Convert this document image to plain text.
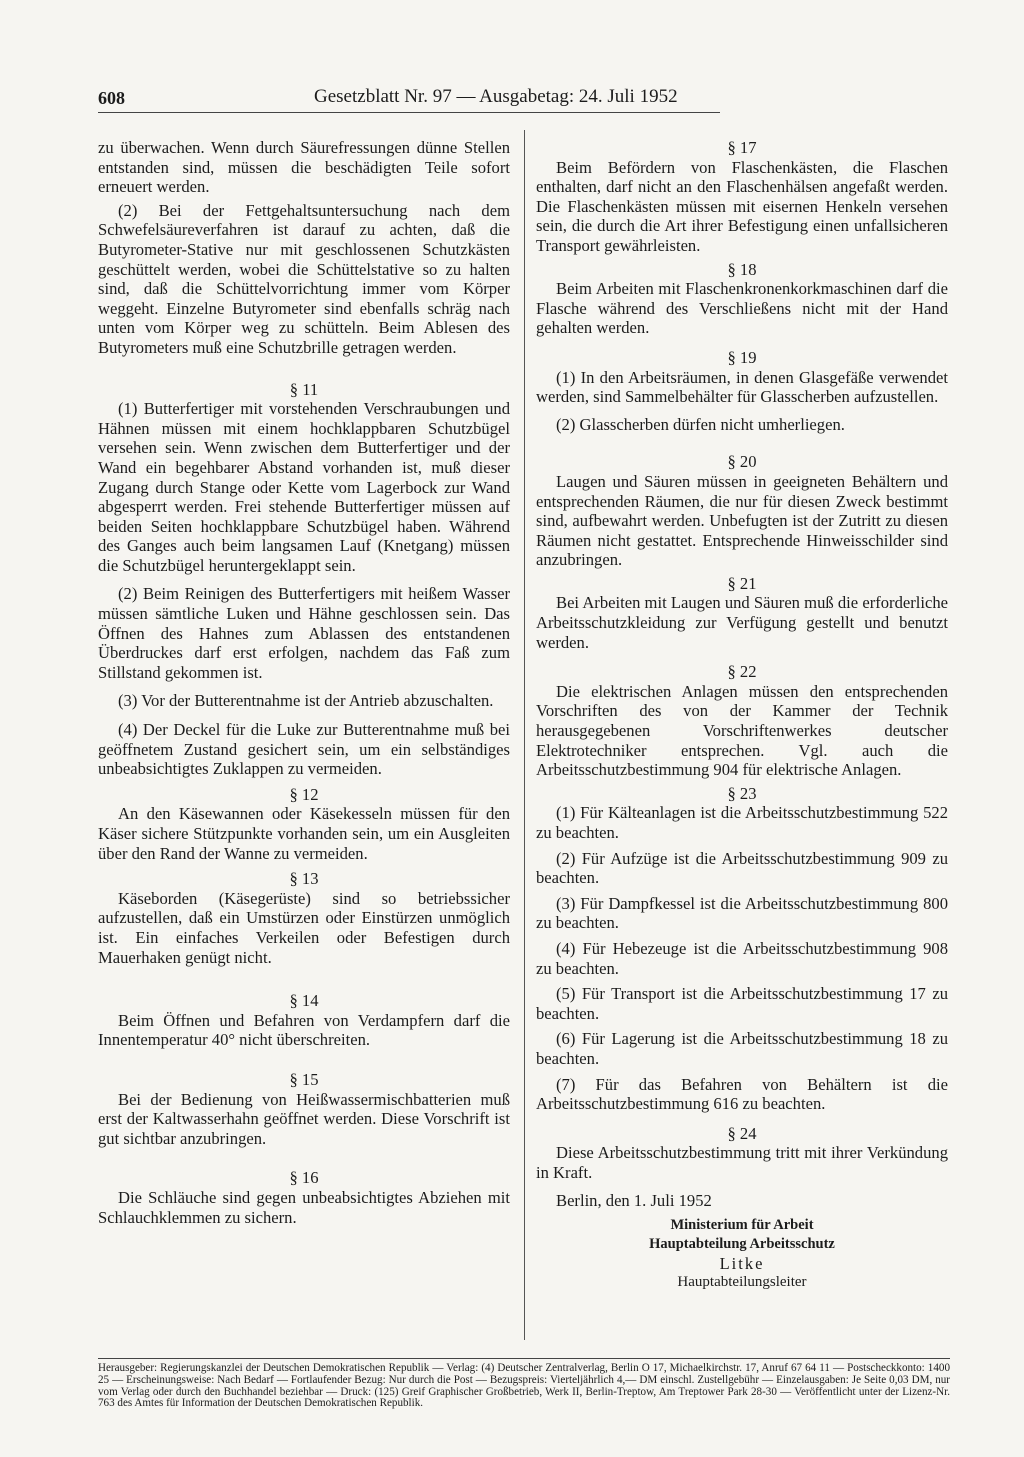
608	Gesetzblatt Nr. 97 — Ausgabetag: 24. Juli 1952

zu überwachen. Wenn durch Säurefressungen dünne Stellen entstanden sind, müssen die beschädigten Teile sofort erneuert werden.

(2) Bei der Fettgehaltsuntersuchung nach dem Schwefelsäureverfahren ist darauf zu achten, daß die Butyrometer-Stative nur mit geschlossenen Schutzkästen geschüttelt werden, wobei die Schüttelstative so zu halten sind, daß die Schüttelvorrichtung immer vom Körper weggeht. Einzelne Butyrometer sind ebenfalls schräg nach unten vom Körper weg zu schütteln. Beim Ablesen des Butyrometers muß eine Schutzbrille getragen werden.

§ 11

(1) Butterfertiger mit vorstehenden Verschraubungen und Hähnen müssen mit einem hochklappbaren Schutzbügel versehen sein. Wenn zwischen dem Butterfertiger und der Wand ein begehbarer Abstand vorhanden ist, muß dieser Zugang durch Stange oder Kette vom Lagerbock zur Wand abgesperrt werden. Frei stehende Butterfertiger müssen auf beiden Seiten hochklappbare Schutzbügel haben. Während des Ganges auch beim langsamen Lauf (Knetgang) müssen die Schutzbügel heruntergeklappt sein.

(2) Beim Reinigen des Butterfertigers mit heißem Wasser müssen sämtliche Luken und Hähne geschlossen sein. Das Öffnen des Hahnes zum Ablassen des entstandenen Überdruckes darf erst erfolgen, nachdem das Faß zum Stillstand gekommen ist.

(3) Vor der Butterentnahme ist der Antrieb abzuschalten.

(4) Der Deckel für die Luke zur Butterentnahme muß bei geöffnetem Zustand gesichert sein, um ein selbständiges unbeabsichtigtes Zuklappen zu vermeiden.

§ 12

An den Käsewannen oder Käsekesseln müssen für den Käser sichere Stützpunkte vorhanden sein, um ein Ausgleiten über den Rand der Wanne zu vermeiden.

§ 13

Käseborden (Käsegerüste) sind so betriebssicher aufzustellen, daß ein Umstürzen oder Einstürzen unmöglich ist. Ein einfaches Verkeilen oder Befestigen durch Mauerhaken genügt nicht.

§ 14

Beim Öffnen und Befahren von Verdampfern darf die Innentemperatur 40° nicht überschreiten.

§ 15

Bei der Bedienung von Heißwassermischbatterien muß erst der Kaltwasserhahn geöffnet werden. Diese Vorschrift ist gut sichtbar anzubringen.

§ 16

Die Schläuche sind gegen unbeabsichtigtes Abziehen mit Schlauchklemmen zu sichern.

§ 17

Beim Befördern von Flaschenkästen, die Flaschen enthalten, darf nicht an den Flaschenhälsen angefaßt werden. Die Flaschenkästen müssen mit eisernen Henkeln versehen sein, die durch die Art ihrer Befestigung einen unfallsicheren Transport gewährleisten.

§ 18

Beim Arbeiten mit Flaschenkronenkorkmaschinen darf die Flasche während des Verschließens nicht mit der Hand gehalten werden.

§ 19

(1) In den Arbeitsräumen, in denen Glasgefäße verwendet werden, sind Sammelbehälter für Glasscherben aufzustellen.

(2) Glasscherben dürfen nicht umherliegen.

§ 20

Laugen und Säuren müssen in geeigneten Behältern und entsprechenden Räumen, die nur für diesen Zweck bestimmt sind, aufbewahrt werden. Unbefugten ist der Zutritt zu diesen Räumen nicht gestattet. Entsprechende Hinweisschilder sind anzubringen.

§ 21

Bei Arbeiten mit Laugen und Säuren muß die erforderliche Arbeitsschutzkleidung zur Verfügung gestellt und benutzt werden.

§ 22

Die elektrischen Anlagen müssen den entsprechenden Vorschriften des von der Kammer der Technik herausgegebenen Vorschriftenwerkes deutscher Elektrotechniker entsprechen. Vgl. auch die Arbeitsschutzbestimmung 904 für elektrische Anlagen.

§ 23

(1) Für Kälteanlagen ist die Arbeitsschutzbestimmung 522 zu beachten.

(2) Für Aufzüge ist die Arbeitsschutzbestimmung 909 zu beachten.

(3) Für Dampfkessel ist die Arbeitsschutzbestimmung 800 zu beachten.

(4) Für Hebezeuge ist die Arbeitsschutzbestimmung 908 zu beachten.

(5) Für Transport ist die Arbeitsschutzbestimmung 17 zu beachten.

(6) Für Lagerung ist die Arbeitsschutzbestimmung 18 zu beachten.

(7) Für das Befahren von Behältern ist die Arbeitsschutzbestimmung 616 zu beachten.

§ 24

Diese Arbeitsschutzbestimmung tritt mit ihrer Verkündung in Kraft.

Berlin, den 1. Juli 1952

Ministerium für Arbeit

Hauptabteilung Arbeitsschutz

Litke

Hauptabteilungsleiter

Herausgeber: Regierungskanzlei der Deutschen Demokratischen Republik — Verlag: (4) Deutscher Zentralverlag, Berlin O 17, Michaelkirchstr. 17, Anruf 67 64 11 — Postscheckkonto: 1400 25 — Erscheinungsweise: Nach Bedarf — Fortlaufender Bezug: Nur durch die Post — Bezugspreis: Vierteljährlich 4,— DM einschl. Zustellgebühr — Einzelausgaben: Je Seite 0,03 DM, nur vom Verlag oder durch den Buchhandel beziehbar — Druck: (125) Greif Graphischer Großbetrieb, Werk II, Berlin-Treptow, Am Treptower Park 28-30 — Veröffentlicht unter der Lizenz-Nr. 763 des Amtes für Information der Deutschen Demokratischen Republik.
